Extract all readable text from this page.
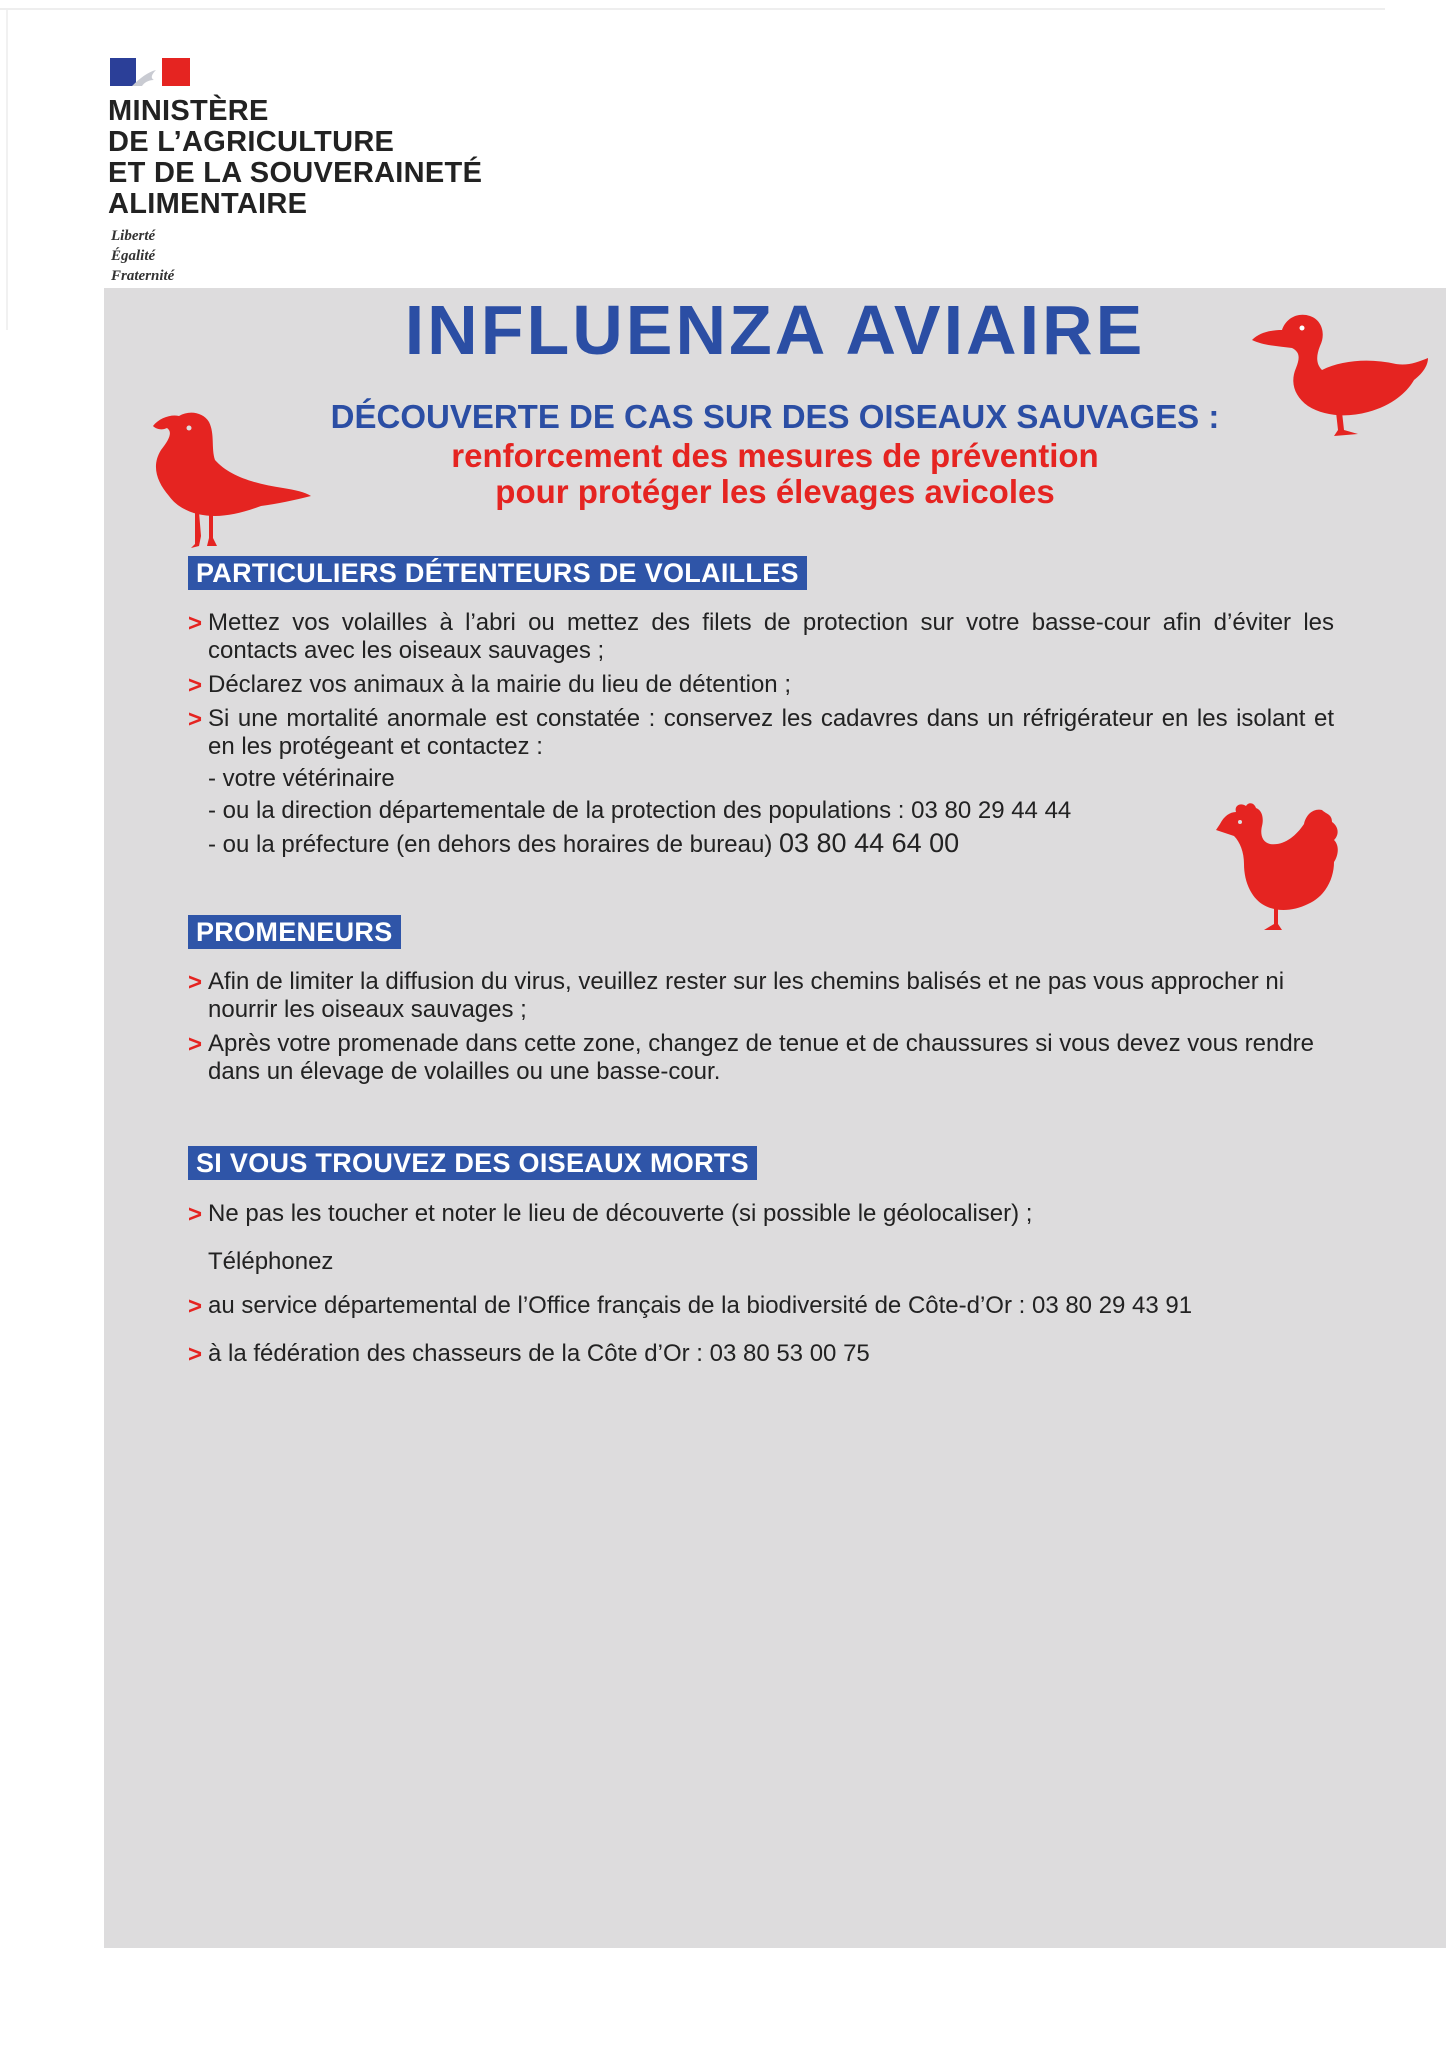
MINISTÈRE
DE L’AGRICULTURE
ET DE LA SOUVERAINETÉ
ALIMENTAIRE
Liberté
Égalité
Fraternité
INFLUENZA AVIAIRE

DÉCOUVERTE DE CAS SUR DES OISEAUX SAUVAGES :

renforcement des mesures de prévention
pour protéger les élevages avicoles

PARTICULIERS DÉTENTEURS DE VOLAILLES
> Mettez vos volailles à l’abri ou mettez des filets de protection sur votre basse-cour afin d’éviter les contacts avec les oiseaux sauvages ;
> Déclarez vos animaux à la mairie du lieu de détention ;
> Si une mortalité anormale est constatée : conservez les cadavres dans un réfrigérateur en les isolant et en les protégeant et contactez :
- votre vétérinaire
- ou la direction départementale de la protection des populations : 03 80 29 44 44
- ou la préfecture (en dehors des horaires de bureau) 03 80 44 64 00
PROMENEURS
> Afin de limiter la diffusion du virus, veuillez rester sur les chemins balisés et ne pas vous approcher ni nourrir les oiseaux sauvages ;
> Après votre promenade dans cette zone, changez de tenue et de chaussures si vous devez vous rendre dans un élevage de volailles ou une basse-cour.
SI VOUS TROUVEZ DES OISEAUX MORTS
> Ne pas les toucher et noter le lieu de découverte (si possible le géolocaliser) ;

Téléphonez

> au service départemental de l’Office français de la biodiversité de Côte-d’Or : 03 80 29 43 91
> à la fédération des chasseurs de la Côte d’Or : 03 80 53 00 75
